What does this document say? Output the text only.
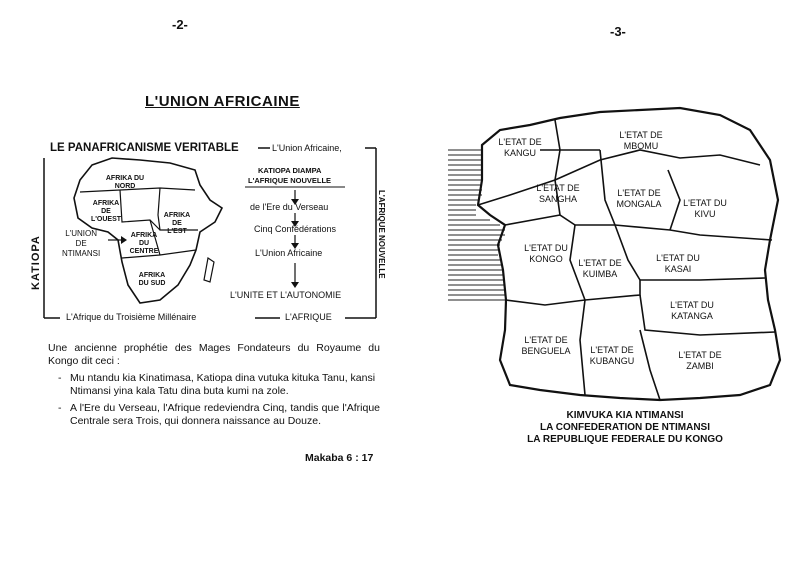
-2-
L'UNION AFRICAINE
LE PANAFRICANISME VERITABLE	L'Union Africaine,
KATIOPA DIAMPA
L'AFRIQUE NOUVELLE
de l'Ere du Verseau
Cinq Confédérations
L'Union Africaine
L'UNITE ET L'AUTONOMIE
L'Afrique du Troisième Millénaire	L'AFRIQUE
KATIOPA	L'AFRIQUE NOUVELLE
L'UNION
DE
NTIMANSI
AFRIKA DU NORD
AFRIKA DE L'OUEST
AFRIKA DE L'EST
AFRIKA DU CENTRE
AFRIKA DU SUD
Une ancienne prophétie des Mages Fondateurs du Royaume du Kongo dit ceci :
- Mu ntandu kia Kinatimasa, Katiopa dina vutuka kituka Tanu, kansi Ntimansi yina kala Tatu dina buta kumi na zole.
- A l'Ere du Verseau, l'Afrique redeviendra Cinq, tandis que l'Afrique Centrale sera Trois, qui donnera naissance au Douze.
Makaba 6 : 17
-3-
L'ETAT DE
KANGU
L'ETAT DE
MBOMU
L'ETAT DE
SANGHA
L'ETAT DE
MONGALA	L'ETAT DU
KIVU
L'ETAT DU
KONGO	L'ETAT DE
KUIMBA
L'ETAT DU
KASAI
L'ETAT DU
KATANGA
L'ETAT DE
BENGUELA	L'ETAT DE
KUBANGU
L'ETAT DE
ZAMBI
KIMVUKA KIA NTIMANSI
LA CONFEDERATION DE NTIMANSI
LA REPUBLIQUE FEDERALE DU KONGO
